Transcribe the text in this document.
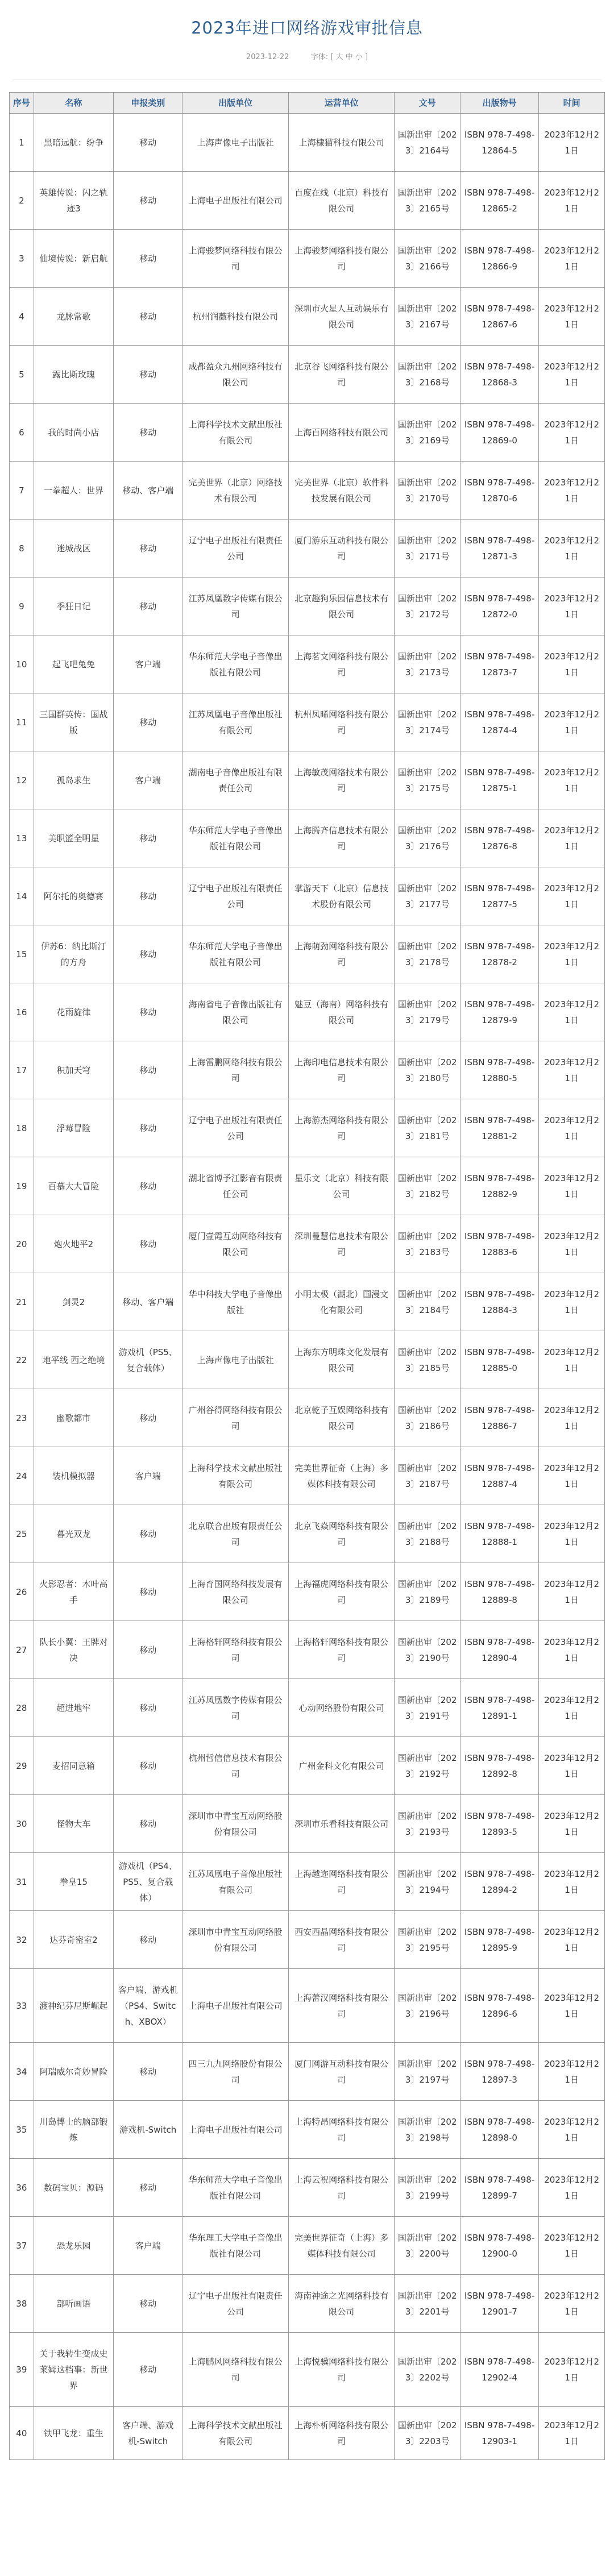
2023年进口网络游戏审批信息
2023-12-22	字体: [ 大 中 小 ]
序号	名称	申报类别	出版单位	运营单位	文号	出版物号	时间
1	黑暗远航：纷争	移动	上海声像电子出版社	上海棣猫科技有限公司	国新出审〔2023〕2164号	ISBN 978-7-498-12864-5	2023年12月21日
2	英雄传说：闪之轨迹3	移动	上海电子出版社有限公司	百度在线（北京）科技有限公司	国新出审〔2023〕2165号	ISBN 978-7-498-12865-2	2023年12月21日
3	仙境传说：新启航	移动	上海骏梦网络科技有限公司	上海骏梦网络科技有限公司	国新出审〔2023〕2166号	ISBN 978-7-498-12866-9	2023年12月21日
4	龙脉常歌	移动	杭州润薇科技有限公司	深圳市火星人互动娱乐有限公司	国新出审〔2023〕2167号	ISBN 978-7-498-12867-6	2023年12月21日
5	露比斯玫瑰	移动	成都盈众九州网络科技有限公司	北京谷飞网络科技有限公司	国新出审〔2023〕2168号	ISBN 978-7-498-12868-3	2023年12月21日
6	我的时尚小店	移动	上海科学技术文献出版社有限公司	上海百网络科技有限公司	国新出审〔2023〕2169号	ISBN 978-7-498-12869-0	2023年12月21日
7	一拳超人：世界	移动、客户端	完美世界（北京）网络技术有限公司	完美世界（北京）软件科技发展有限公司	国新出审〔2023〕2170号	ISBN 978-7-498-12870-6	2023年12月21日
8	迷城战区	移动	辽宁电子出版社有限责任公司	厦门游乐互动科技有限公司	国新出审〔2023〕2171号	ISBN 978-7-498-12871-3	2023年12月21日
9	季狂日记	移动	江苏凤凰数字传媒有限公司	北京趣狗乐园信息技术有限公司	国新出审〔2023〕2172号	ISBN 978-7-498-12872-0	2023年12月21日
10	起飞吧兔兔	客户端	华东师范大学电子音像出版社有限公司	上海茗文网络科技有限公司	国新出审〔2023〕2173号	ISBN 978-7-498-12873-7	2023年12月21日
11	三国群英传：国战版	移动	江苏凤凰电子音像出版社有限公司	杭州凤晞网络科技有限公司	国新出审〔2023〕2174号	ISBN 978-7-498-12874-4	2023年12月21日
12	孤岛求生	客户端	湖南电子音像出版社有限责任公司	上海敏茂网络技术有限公司	国新出审〔2023〕2175号	ISBN 978-7-498-12875-1	2023年12月21日
13	美职篮全明星	移动	华东师范大学电子音像出版社有限公司	上海腾齐信息技术有限公司	国新出审〔2023〕2176号	ISBN 978-7-498-12876-8	2023年12月21日
14	阿尔托的奥德赛	移动	辽宁电子出版社有限责任公司	掌游天下（北京）信息技术股份有限公司	国新出审〔2023〕2177号	ISBN 978-7-498-12877-5	2023年12月21日
15	伊苏6：纳比斯汀的方舟	移动	华东师范大学电子音像出版社有限公司	上海萌劲网络科技有限公司	国新出审〔2023〕2178号	ISBN 978-7-498-12878-2	2023年12月21日
16	花雨旋律	移动	海南省电子音像出版社有限公司	魅豆（海南）网络科技有限公司	国新出审〔2023〕2179号	ISBN 978-7-498-12879-9	2023年12月21日
17	积加天穹	移动	上海雷鹏网络科技有限公司	上海印电信息技术有限公司	国新出审〔2023〕2180号	ISBN 978-7-498-12880-5	2023年12月21日
18	浮莓冒险	移动	辽宁电子出版社有限责任公司	上海游杰网络科技有限公司	国新出审〔2023〕2181号	ISBN 978-7-498-12881-2	2023年12月21日
19	百慕大大冒险	移动	湖北省博予江影音有限责任公司	星乐文（北京）科技有限公司	国新出审〔2023〕2182号	ISBN 978-7-498-12882-9	2023年12月21日
20	炮火地平2	移动	厦门壹霞互动网络科技有限公司	深圳曼慧信息技术有限公司	国新出审〔2023〕2183号	ISBN 978-7-498-12883-6	2023年12月21日
21	剑灵2	移动、客户端	华中科技大学电子音像出版社	小明太极（湖北）国漫文化有限公司	国新出审〔2023〕2184号	ISBN 978-7-498-12884-3	2023年12月21日
22	地平线 西之绝境	游戏机（PS5、复合载体）	上海声像电子出版社	上海东方明珠文化发展有限公司	国新出审〔2023〕2185号	ISBN 978-7-498-12885-0	2023年12月21日
23	幽歌都市	移动	广州谷得网络科技有限公司	北京乾子互娱网络科技有限公司	国新出审〔2023〕2186号	ISBN 978-7-498-12886-7	2023年12月21日
24	装机模拟器	客户端	上海科学技术文献出版社有限公司	完美世界征奇（上海）多媒体科技有限公司	国新出审〔2023〕2187号	ISBN 978-7-498-12887-4	2023年12月21日
25	暮光双龙	移动	北京联合出版有限责任公司	北京飞焱网络科技有限公司	国新出审〔2023〕2188号	ISBN 978-7-498-12888-1	2023年12月21日
26	火影忍者：木叶高手	移动	上海育国网络科技发展有限公司	上海福虎网络科技有限公司	国新出审〔2023〕2189号	ISBN 978-7-498-12889-8	2023年12月21日
27	队长小翼：王牌对决	移动	上海格轩网络科技有限公司	上海格轩网络科技有限公司	国新出审〔2023〕2190号	ISBN 978-7-498-12890-4	2023年12月21日
28	超进地牢	移动	江苏凤凰数字传媒有限公司	心动网络股份有限公司	国新出审〔2023〕2191号	ISBN 978-7-498-12891-1	2023年12月21日
29	麦招同意箱	移动	杭州哲信信息技术有限公司	广州金科文化有限公司	国新出审〔2023〕2192号	ISBN 978-7-498-12892-8	2023年12月21日
30	怪物大车	移动	深圳市中青宝互动网络股份有限公司	深圳市乐看科技有限公司	国新出审〔2023〕2193号	ISBN 978-7-498-12893-5	2023年12月21日
31	拳皇15	游戏机（PS4、PS5、复合载体）	江苏凤凰电子音像出版社有限公司	上海越迩网络科技有限公司	国新出审〔2023〕2194号	ISBN 978-7-498-12894-2	2023年12月21日
32	达芬奇密室2	移动	深圳市中青宝互动网络股份有限公司	西安西晶网络科技有限公司	国新出审〔2023〕2195号	ISBN 978-7-498-12895-9	2023年12月21日
33	渡神纪芬尼斯崛起	客户端、游戏机（PS4、Switch、XBOX）	上海电子出版社有限公司	上海蕾汉网络科技有限公司	国新出审〔2023〕2196号	ISBN 978-7-498-12896-6	2023年12月21日
34	阿瑞威尔奇妙冒险	移动	四三九九网络股份有限公司	厦门网游互动科技有限公司	国新出审〔2023〕2197号	ISBN 978-7-498-12897-3	2023年12月21日
35	川岛博士的脑部锻炼	游戏机-Switch	上海电子出版社有限公司	上海特昂网络科技有限公司	国新出审〔2023〕2198号	ISBN 978-7-498-12898-0	2023年12月21日
36	数码宝贝：源码	移动	华东师范大学电子音像出版社有限公司	上海云祝网络科技有限公司	国新出审〔2023〕2199号	ISBN 978-7-498-12899-7	2023年12月21日
37	恐龙乐园	客户端	华东理工大学电子音像出版社有限公司	完美世界征奇（上海）多媒体科技有限公司	国新出审〔2023〕2200号	ISBN 978-7-498-12900-0	2023年12月21日
38	部听画语	移动	辽宁电子出版社有限责任公司	海南神途之光网络科技有限公司	国新出审〔2023〕2201号	ISBN 978-7-498-12901-7	2023年12月21日
39	关于我转生变成史莱姆这档事：新世界	移动	上海鹏风网络科技有限公司	上海悦骥网络科技有限公司	国新出审〔2023〕2202号	ISBN 978-7-498-12902-4	2023年12月21日
40	铁甲飞龙：重生	客户端、游戏机-Switch	上海科学技术文献出版社有限公司	上海朴析网络科技有限公司	国新出审〔2023〕2203号	ISBN 978-7-498-12903-1	2023年12月21日
